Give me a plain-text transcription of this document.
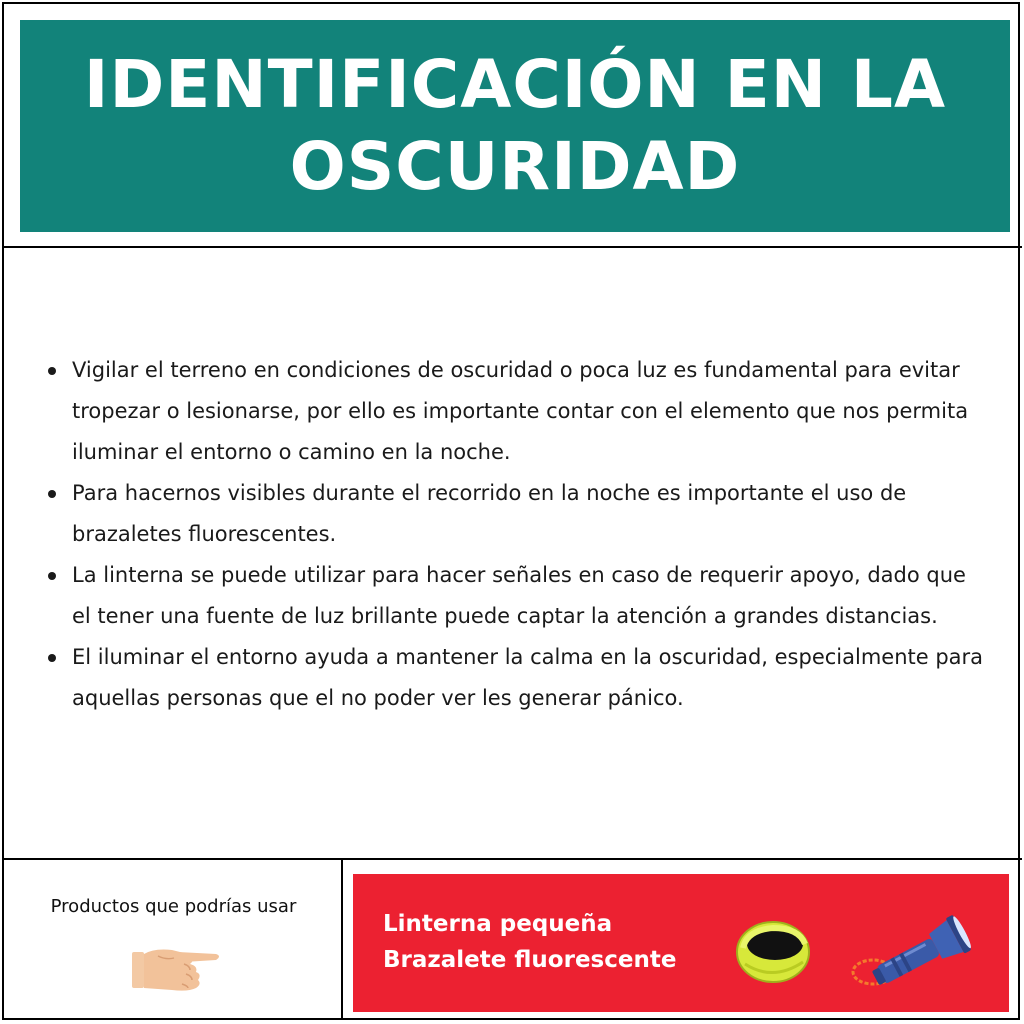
IDENTIFICACIÓN EN LA OSCURIDAD
Vigilar el terreno en condiciones de oscuridad o poca luz es fundamental para evitar tropezar o lesionarse, por ello es importante contar con el elemento que nos permita iluminar el entorno o camino en la noche.
Para hacernos visibles durante el recorrido en la noche es importante el uso de brazaletes fluorescentes.
La linterna se puede utilizar para hacer señales en caso de requerir apoyo, dado que el tener una fuente de luz brillante puede captar la atención a grandes distancias.
El iluminar el entorno ayuda a mantener la calma en la oscuridad, especialmente para aquellas personas que el no poder ver les generar pánico.
Productos que podrías usar
Linterna pequeña
Brazalete fluorescente
